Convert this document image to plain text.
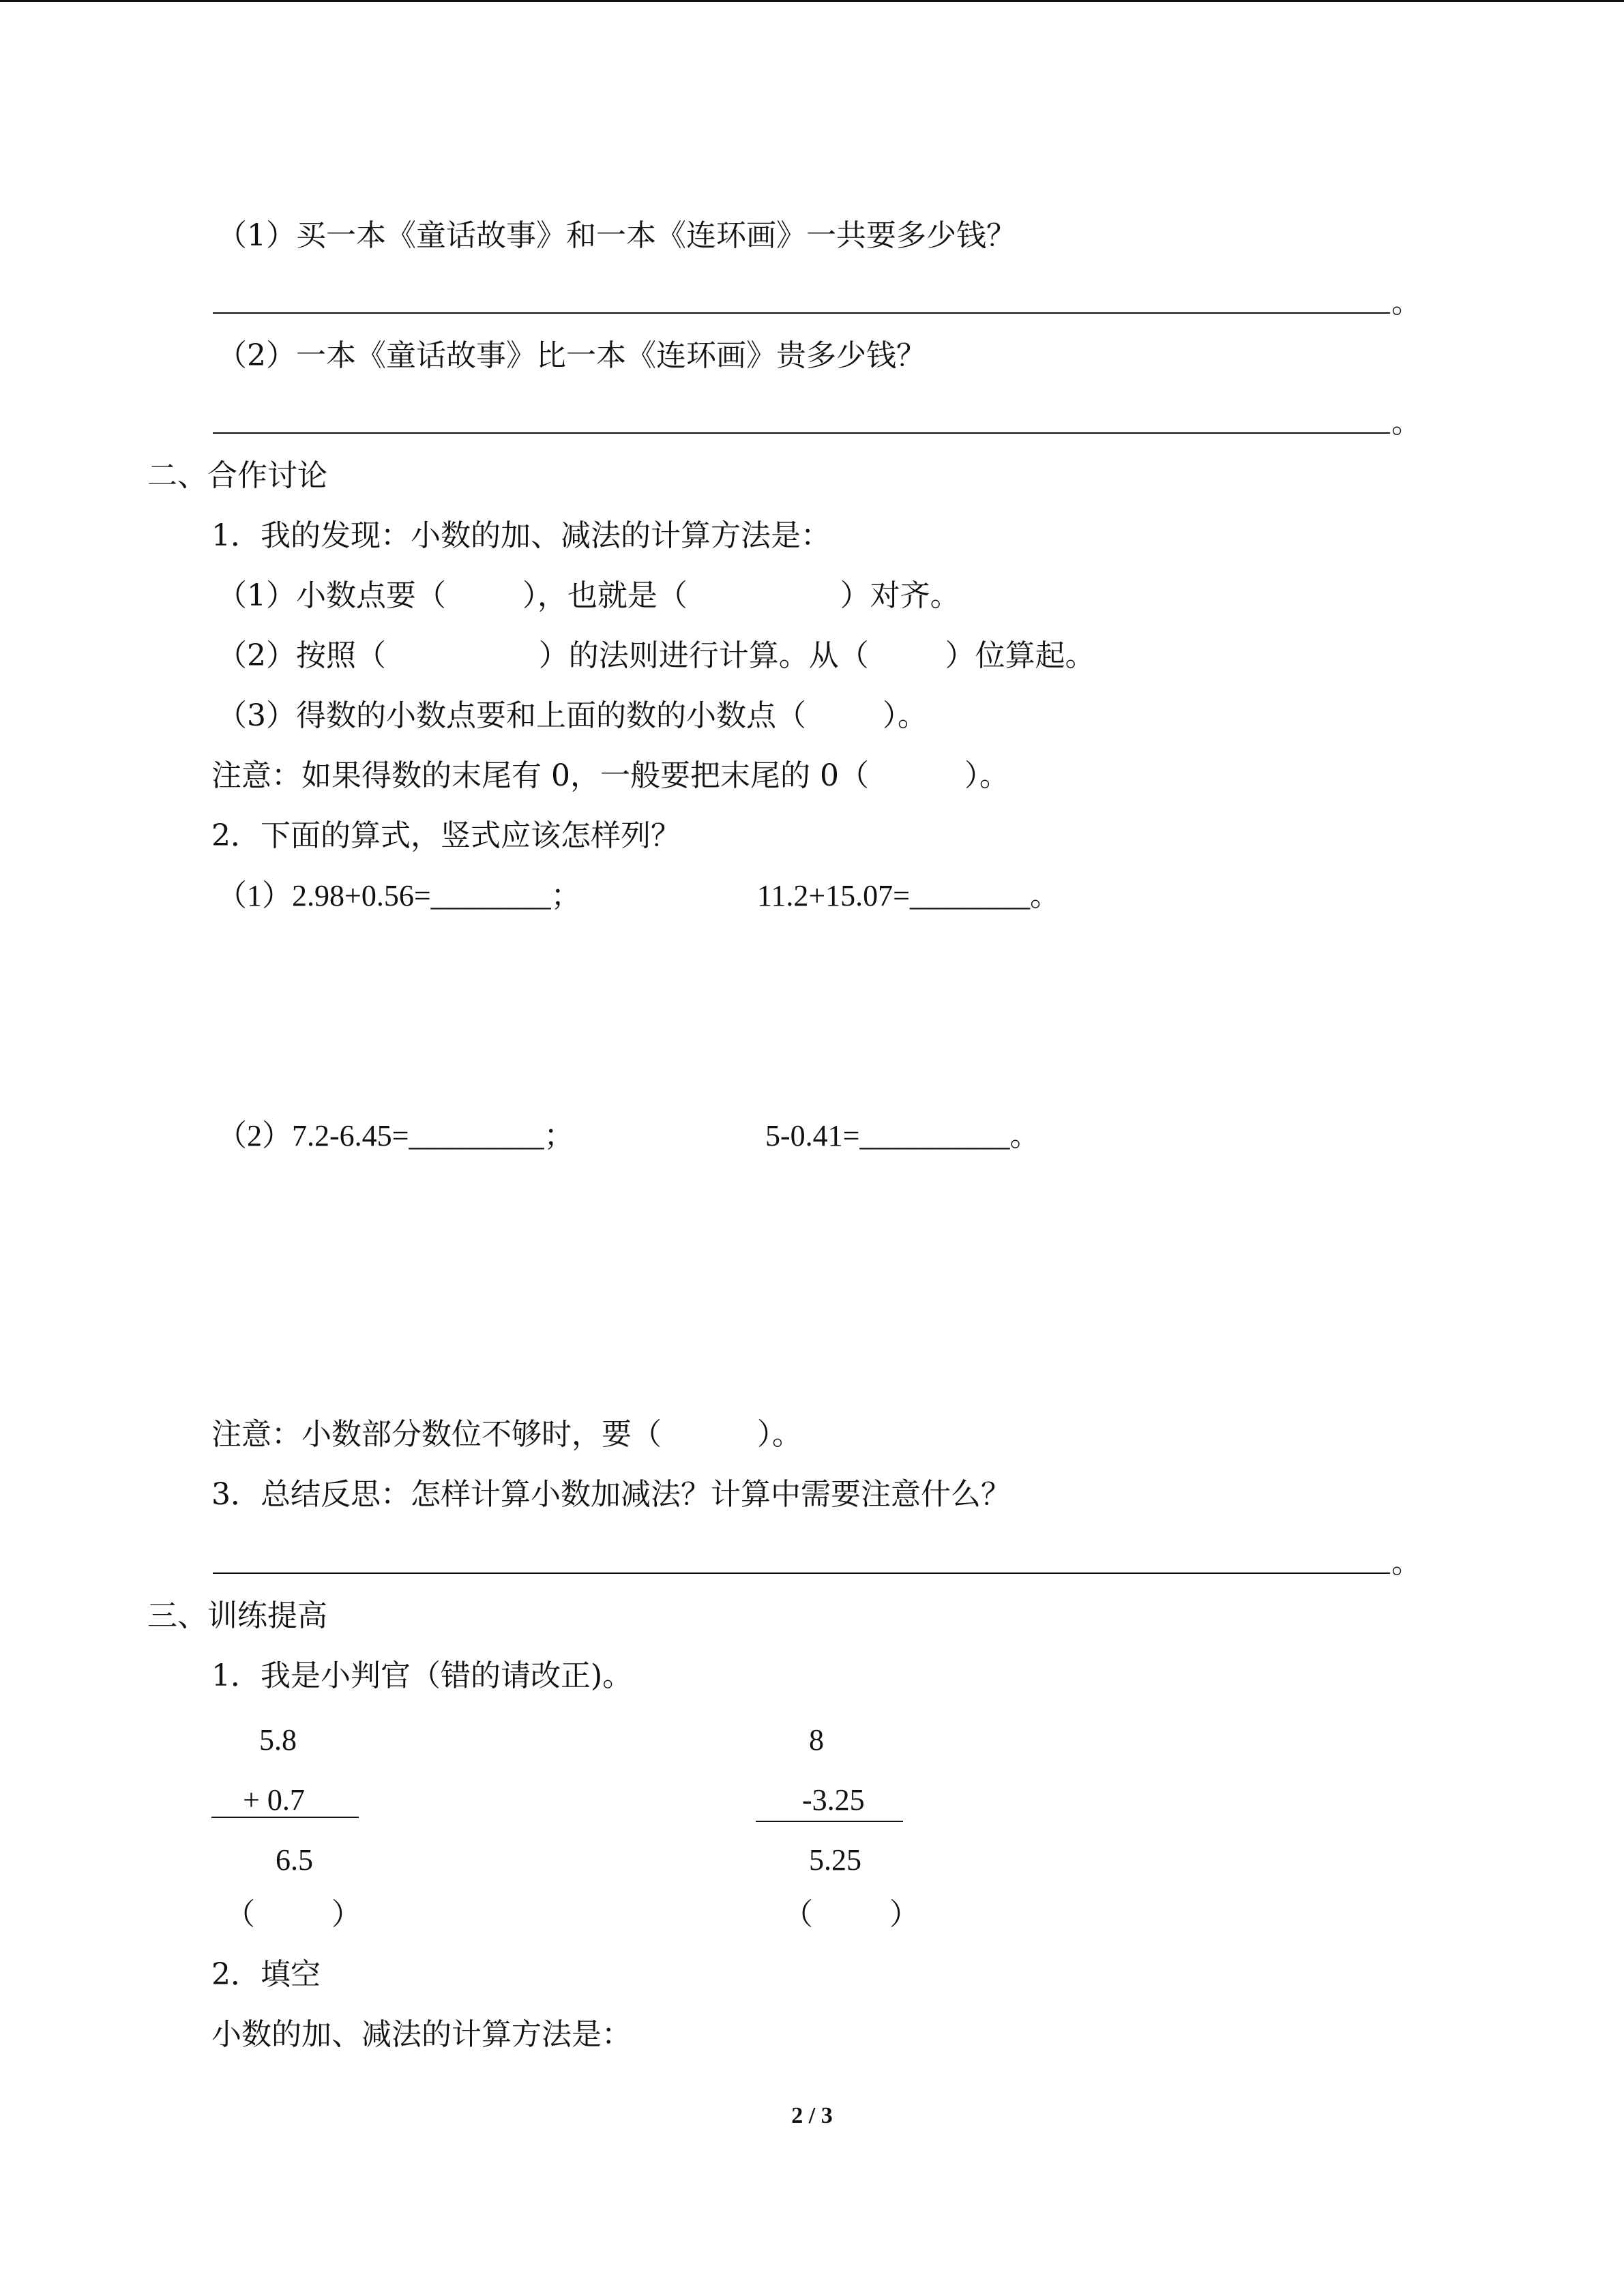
（1）买一本《童话故事》和一本《连环画》一共要多少钱？
。
（2）一本《童话故事》比一本《连环画》贵多少钱？
。
二、合作讨论
1．我的发现：小数的加、减法的计算方法是：
（1）小数点要（        ），也就是（                ）对齐。
（2）按照（                ）的法则进行计算。从（        ）位算起。
（3）得数的小数点要和上面的数的小数点（        ）。
注意：如果得数的末尾有 0，一般要把末尾的 0（          ）。
2．下面的算式，竖式应该怎样列？
（1）2.98+0.56=________；	11.2+15.07=________。
（2）7.2-6.45=_________；	5-0.41=__________。
注意：小数部分数位不够时，要（          ）。
3．总结反思：怎样计算小数加减法？计算中需要注意什么？
。
三、训练提高
1．我是小判官（错的请改正)。
5.8
+ 0.7
6.5
（        ）
8
-3.25
5.25
（        ）
2．填空
小数的加、减法的计算方法是：
2 / 3
